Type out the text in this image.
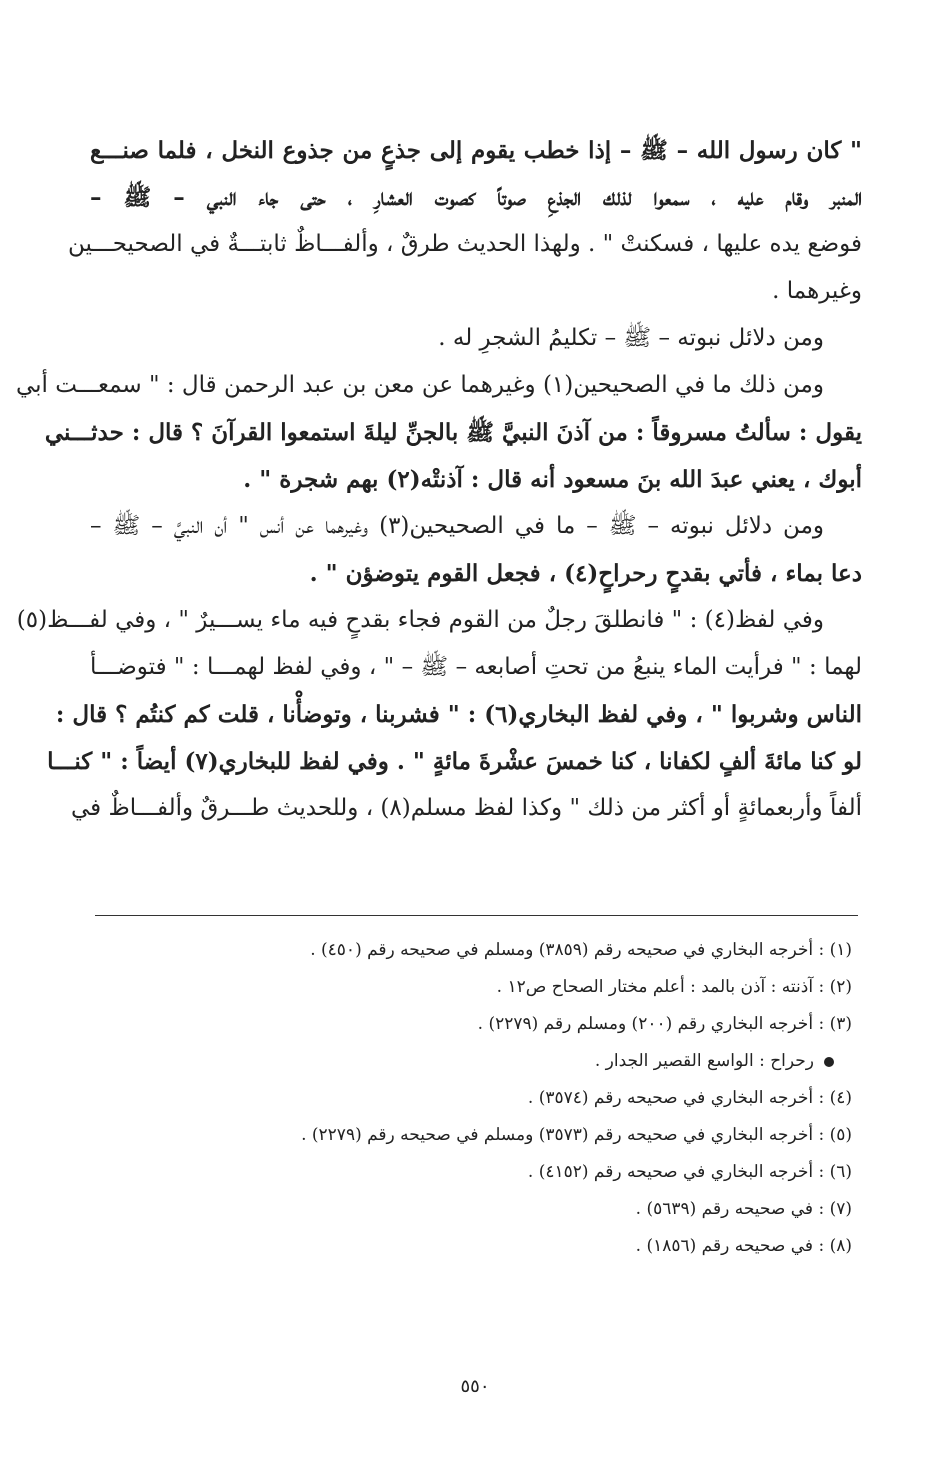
" كان رسول الله – ﷺ – إذا خطب يقوم إلى جذعٍ من جذوع النخل ، فلما صنـــع
المنبر وقام عليه ، سمعوا لذلك الجذعِ صوتاً كصوت العشارِ ، حتى جاء النبي – ﷺ –
فوضع يده عليها ، فسكنتْ " . ولهذا الحديث طرقٌ ، وألفـــاظٌ ثابتـــةٌ في الصحيحـــين
وغيرهما .
ومن دلائل نبوته – ﷺ – تكليمُ الشجرِ له .
ومن ذلك ما في الصحيحين(١) وغيرهما عن معن بن عبد الرحمن قال : " سمعـــت أبي
يقول : سألتُ مسروقاً : من آذنَ النبيَّ ﷺ بالجنِّ ليلةَ استمعوا القرآنَ ؟ قال : حدثـــني
أبوك ، يعني عبدَ الله بنَ مسعود أنه قال : آذنتْه(٢) بهم شجرة " .
ومن دلائل نبوته – ﷺ – ما في الصحيحين(٣) وغيرهما عن أنس " أن النبيَّ – ﷺ –
دعا بماء ، فأتي بقدحٍ رحراحٍ(٤) ، فجعل القوم يتوضؤن " .
وفي لفظ(٤) : " فانطلقَ رجلٌ من القوم فجاء بقدحٍ فيه ماء يســـيرٌ " ، وفي لفـــظ(٥)
لهما : " فرأيت الماء ينبعُ من تحتِ أصابعه – ﷺ – " ، وفي لفظ لهمـــا : " فتوضـــأ
الناس وشربوا " ، وفي لفظ البخاري(٦) : " فشربنا ، وتوضأْنا ، قلت كم كنتُم ؟ قال :
لو كنا مائةَ ألفٍ لكفانا ، كنا خمسَ عشْرةَ مائةٍ " . وفي لفظ للبخاري(٧) أيضاً : " كنـــا
ألفاً وأربعمائةٍ أو أكثر من ذلك " وكذا لفظ مسلم(٨) ، وللحديث طـــرقٌ وألفـــاظٌ في
(١) : أخرجه البخاري في صحيحه رقم (٣٨٥٩) ومسلم في صحيحه رقم (٤٥٠) .
(٢) : آذنته : آذن بالمد : أعلم مختار الصحاح ص١٢ .
(٣) : أخرجه البخاري رقم (٢٠٠) ومسلم رقم (٢٢٧٩) .
رحراح : الواسع القصير الجدار .
(٤) : أخرجه البخاري في صحيحه رقم (٣٥٧٤) .
(٥) : أخرجه البخاري في صحيحه رقم (٣٥٧٣) ومسلم في صحيحه رقم (٢٢٧٩) .
(٦) : أخرجه البخاري في صحيحه رقم (٤١٥٢) .
(٧) : في صحيحه رقم (٥٦٣٩) .
(٨) : في صحيحه رقم (١٨٥٦) .
٥٥٠
